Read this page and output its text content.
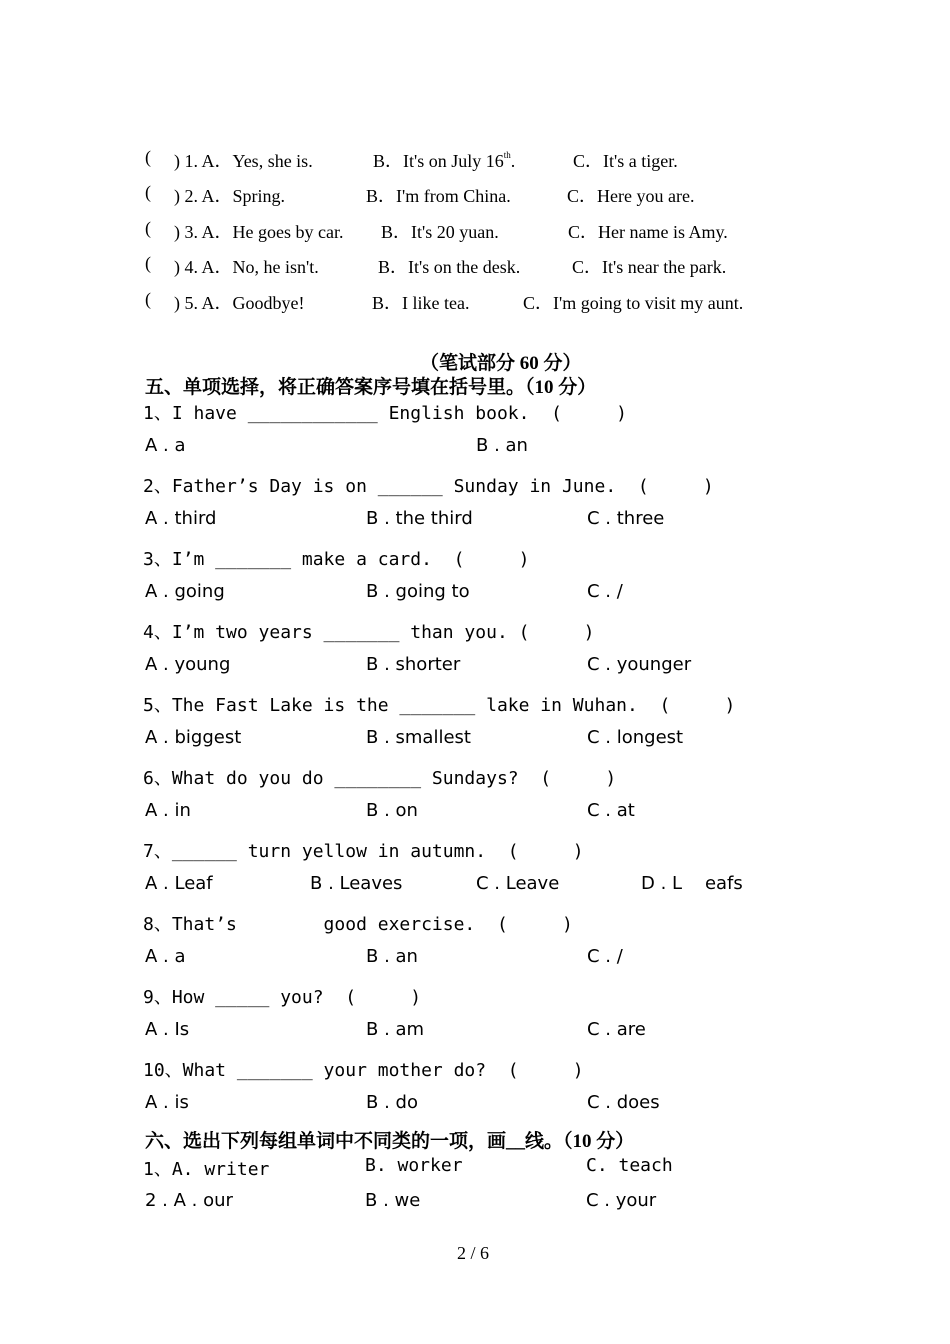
( ) 1. A．Yes, she is.	B．It's on July 16th.	C．It's a tiger.
( ) 2. A．Spring.	B．I'm from China.	C．Here you are.
( ) 3. A．He goes by car. B．It's 20 yuan.	C．Her name is Amy.
( ) 4. A．No, he isn't.	B．It's on the desk.	C．It's near the park.
( ) 5. A．Goodbye!	B．I like tea.	C．I'm going to visit my aunt.
（笔试部分 60 分）
五、单项选择，将正确答案序号填在括号里。（10 分）
1、I have ____________ English book.  (     )
A . a	B . an
2、Father’s Day is on ______ Sunday in June.  (     )
A . third	B . the third	C . three
3、I’m _______ make a card.  (     )
A . going	B . going to	C . /
4、I’m two years _______ than you. (     )
A . young	B . shorter	C . younger
5、The Fast Lake is the _______ lake in Wuhan.  (     )
A . biggest	B . smallest	C . longest
6、What do you do ________ Sundays?  (     )
A . in	B . on	C . at
7、______ turn yellow in autumn.  (     )
A . Leaf	B . Leaves	C . Leave	D . L    eafs
8、That’s        good exercise.  (     )
A . a	B . an	C . /
9、How _____ you?  (     )
A . Is	B . am	C . are
10、What _______ your mother do?  (     )
A . is	B . do	C . does
六、选出下列每组单词中不同类的一项，画__线。（10 分）
1、A. writer	B. worker	C. teach
2 . A . our	B . we	C . your
2 / 6
